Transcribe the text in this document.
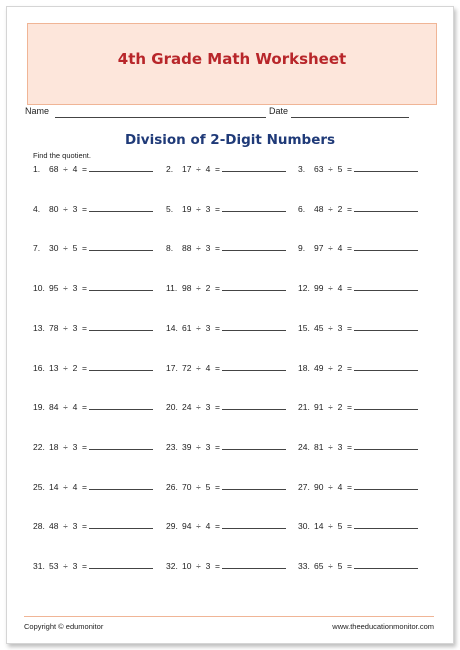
4th Grade Math Worksheet
Name	Date
Division of 2-Digit Numbers
Find the quotient.
1. 68  ÷  4  =	2. 17  ÷  4  =	3. 63  ÷  5  =
4. 80  ÷  3  =	5. 19  ÷  3  =	6. 48  ÷  2  =
7. 30  ÷  5  =	8. 88  ÷  3  =	9. 97  ÷  4  =
10. 95  ÷  3  =	11. 98  ÷  2  =	12. 99  ÷  4  =
13. 78  ÷  3  =	14. 61  ÷  3  =	15. 45  ÷  3  =
16. 13  ÷  2  =	17. 72  ÷  4  =	18. 49  ÷  2  =
19. 84  ÷  4  =	20. 24  ÷  3  =	21. 91  ÷  2  =
22. 18  ÷  3  =	23. 39  ÷  3  =	24. 81  ÷  3  =
25. 14  ÷  4  =	26. 70  ÷  5  =	27. 90  ÷  4  =
28. 48  ÷  3  =	29. 94  ÷  4  =	30. 14  ÷  5  =
31. 53  ÷  3  =	32. 10  ÷  3  =	33. 65  ÷  5  =
Copyright © edumonitor	www.theeducationmonitor.com
